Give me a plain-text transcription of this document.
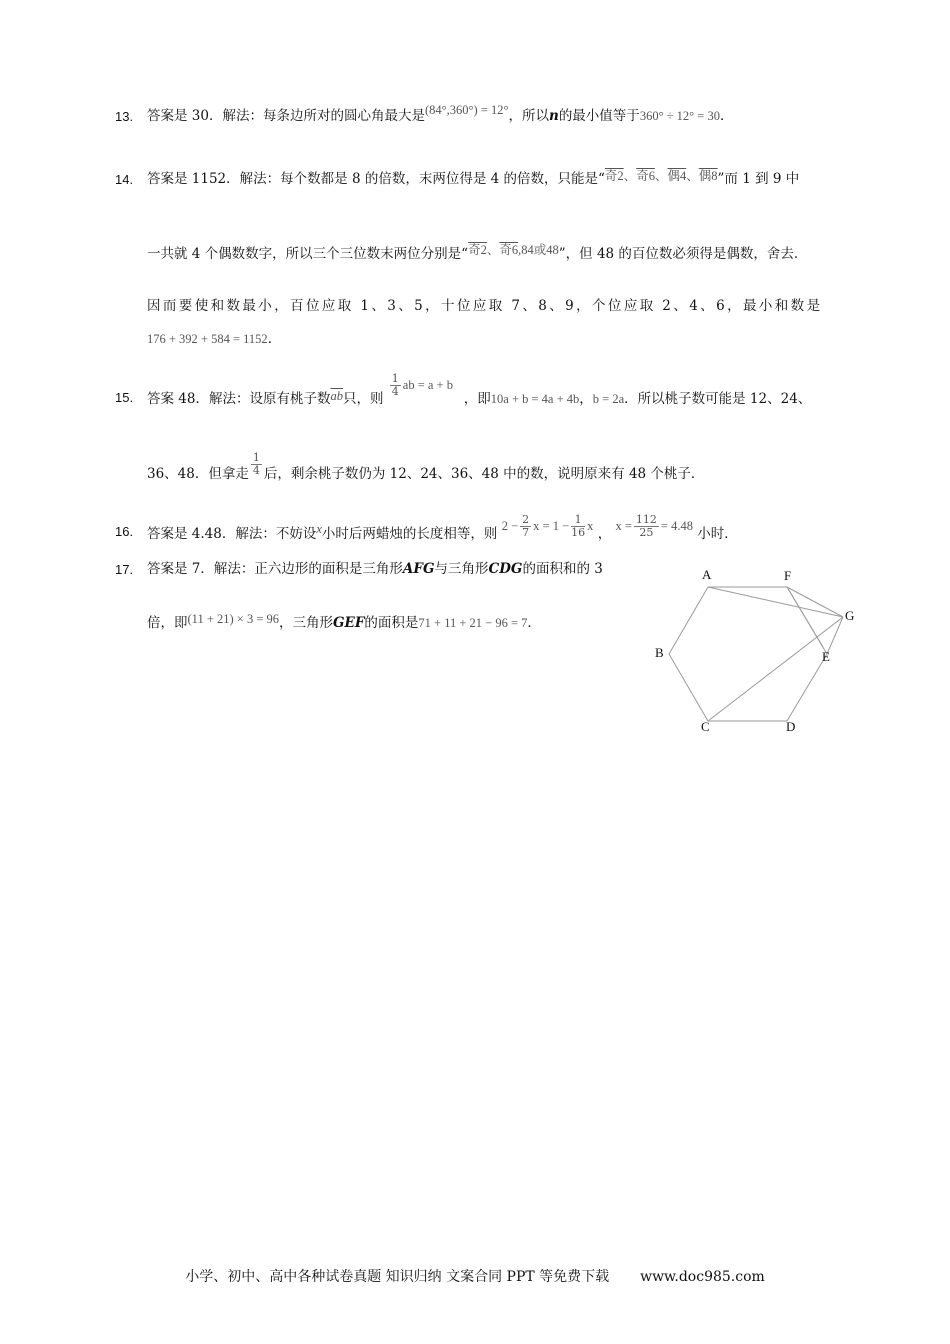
13. 答案是 30．解法：每条边所对的圆心角最大是(84°,360°) = 12°，所以n的最小值等于360° ÷ 12° = 30．
14. 答案是 1152．解法：每个数都是 8 的倍数，末两位得是 4 的倍数，只能是“奇2、奇6、偶4、偶8”而 1 到 9 中
一共就 4 个偶数数字，所以三个三位数末两位分别是“奇2、奇6,84或48”，但 48 的百位数必须得是偶数，舍去．
因而要使和数最小，百位应取 1、3、5，十位应取 7、8、9，个位应取 2、4、6，最小和数是
176 + 392 + 584 = 1152．
15. 答案 48．解法：设原有桃子数$\overline{ab}$只，则
$\frac{1}{4}$ ab = a + b，即10a + b = 4a + 4b，b = 2a．所以桃子数可能是 12、24、
36、48．但拿走 $\frac{1}{4}$ 后，剩余桃子数仍为 12、24、36、48 中的数，说明原来有 48 个桃子．
16. 答案是 4.48．解法：不妨设x小时后两蜡烛的长度相等，则 $2 - \frac{2}{7}$ $x = 1 - \frac{1}{16}$ x ， $x = \frac{112}{25} = 4.48$ 小时．
17. 答案是 7．解法：正六边形的面积是三角形AFG与三角形CDG的面积和的 3
倍，即(11 + 21) × 3 = 96，三角形GEF的面积是71 + 11 + 21 − 96 = 7．
A	F
G
E
B
C	D
小学、初中、高中各种试卷真题 知识归纳 文案合同 PPT 等免费下载 www.doc985.com
